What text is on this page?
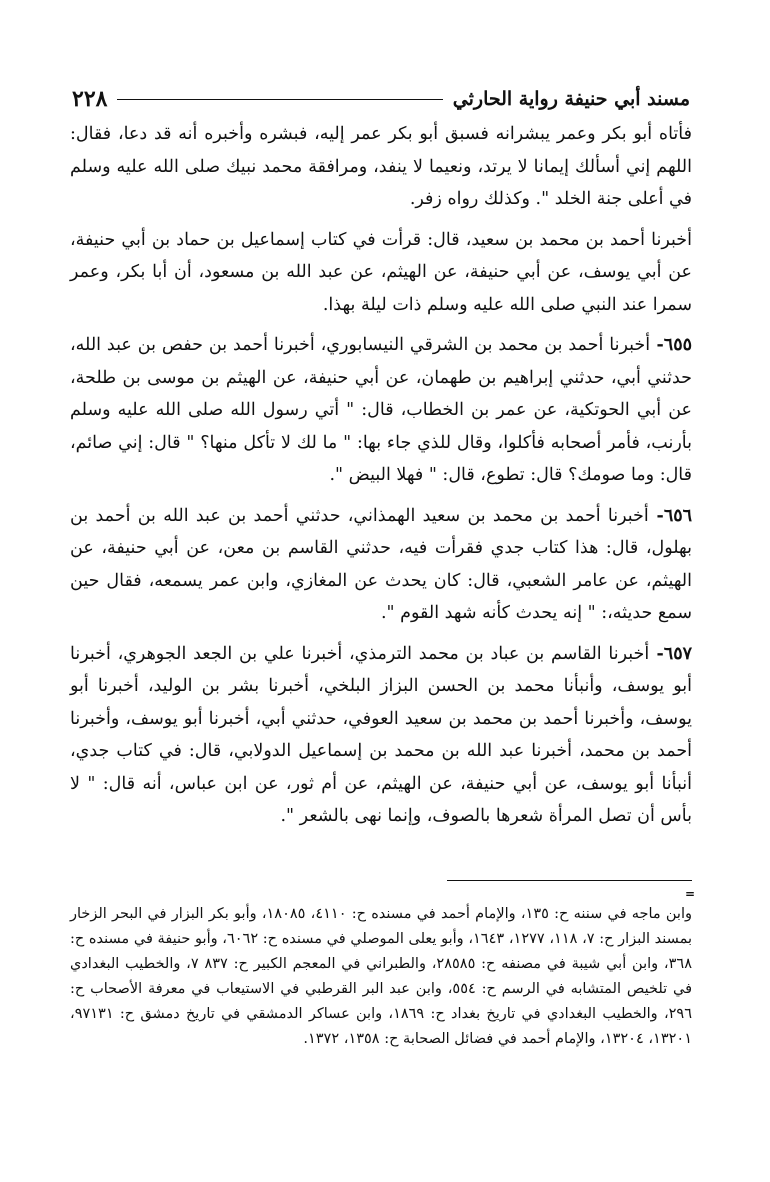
مسند أبي حنيفة رواية الحارثي
٢٢٨

فأتاه أبو بكر وعمر يبشرانه فسبق أبو بكر عمر إليه، فبشره وأخبره أنه قد دعا، فقال: اللهم إني أسألك إيمانا لا يرتد، ونعيما لا ينفد، ومرافقة محمد نبيك صلى الله عليه وسلم في أعلى جنة الخلد ". وكذلك رواه زفر.

أخبرنا أحمد بن محمد بن سعيد، قال: قرأت في كتاب إسماعيل بن حماد بن أبي حنيفة، عن أبي يوسف، عن أبي حنيفة، عن الهيثم، عن عبد الله بن مسعود، أن أبا بكر، وعمر سمرا عند النبي صلى الله عليه وسلم ذات ليلة بهذا.

٦٥٥- أخبرنا أحمد بن محمد بن الشرقي النيسابوري، أخبرنا أحمد بن حفص بن عبد الله، حدثني أبي، حدثني إبراهيم بن طهمان، عن أبي حنيفة، عن الهيثم بن موسى بن طلحة، عن أبي الحوتكية، عن عمر بن الخطاب، قال: " أتي رسول الله صلى الله عليه وسلم بأرنب، فأمر أصحابه فأكلوا، وقال للذي جاء بها: " ما لك لا تأكل منها؟ " قال: إني صائم، قال: وما صومك؟ قال: تطوع، قال: " فهلا البيض ".

٦٥٦- أخبرنا أحمد بن محمد بن سعيد الهمذاني، حدثني أحمد بن عبد الله بن أحمد بن بهلول، قال: هذا كتاب جدي فقرأت فيه، حدثني القاسم بن معن، عن أبي حنيفة، عن الهيثم، عن عامر الشعبي، قال: كان يحدث عن المغازي، وابن عمر يسمعه، فقال حين سمع حديثه،: " إنه يحدث كأنه شهد القوم ".

٦٥٧- أخبرنا القاسم بن عباد بن محمد الترمذي، أخبرنا علي بن الجعد الجوهري، أخبرنا أبو يوسف، وأنبأنا محمد بن الحسن البزاز البلخي، أخبرنا بشر بن الوليد، أخبرنا أبو يوسف، وأخبرنا أحمد بن محمد بن سعيد العوفي، حدثني أبي، أخبرنا أبو يوسف، وأخبرنا أحمد بن محمد، أخبرنا عبد الله بن محمد بن إسماعيل الدولابي، قال: في كتاب جدي، أنبأنا أبو يوسف، عن أبي حنيفة، عن الهيثم، عن أم ثور، عن ابن عباس، أنه قال: " لا بأس أن تصل المرأة شعرها بالصوف، وإنما نهى بالشعر ".

=

وابن ماجه في سننه ح: ١٣٥، والإمام أحمد في مسنده ح: ٤١١٠، ١٨٠٨٥، وأبو بكر البزار في البحر الزخار بمسند البزار ح: ٧، ١١٨، ١٢٧٧، ١٦٤٣، وأبو يعلى الموصلي في مسنده ح: ٦٠٦٢، وأبو حنيفة في مسنده ح: ٣٦٨، وابن أبي شيبة في مصنفه ح: ٢٨٥٨٥، والطبراني في المعجم الكبير ح: ٨٣٧ ٧، والخطيب البغدادي في تلخيص المتشابه في الرسم ح: ٥٥٤، وابن عبد البر القرطبي في الاستيعاب في معرفة الأصحاب ح: ٢٩٦، والخطيب البغدادي في تاريخ بغداد ح: ١٨٦٩، وابن عساكر الدمشقي في تاريخ دمشق ح: ٩٧١٣١، ١٣٢٠١، ١٣٢٠٤، والإمام أحمد في فضائل الصحابة ح: ١٣٥٨، ١٣٧٢.
